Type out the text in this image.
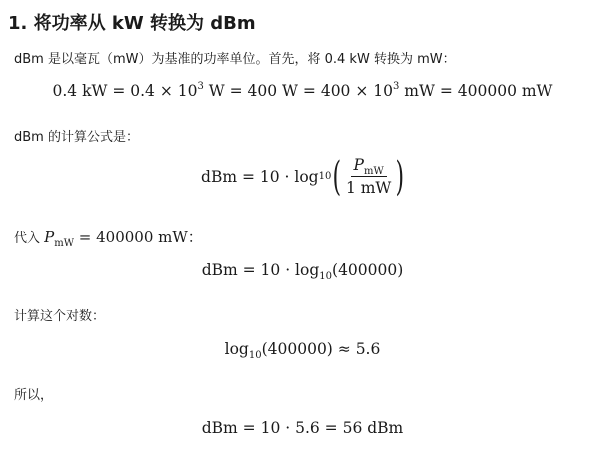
1. 将功率从 kW 转换为 dBm
dBm 是以毫瓦（mW）为基准的功率单位。首先，将 0.4 kW 转换为 mW：
0.4 kW = $0.4 \times 10^3$ W = 400 $W = 400 \times 10^3$ mW = 400000 mW
dBm 的计算公式是：
dBm = 10 · log 10 ( $\frac{P_{mW}}{1 mW}$ )
代入 $P_{mW} = 400000$ mW：
dBm = $10 \cdot \log_{10}(400000)$
计算这个对数：
$\log_{10}(400000) \approx 5.6$
所以，
dBm = 10 · 5.6 = 56 dBm
